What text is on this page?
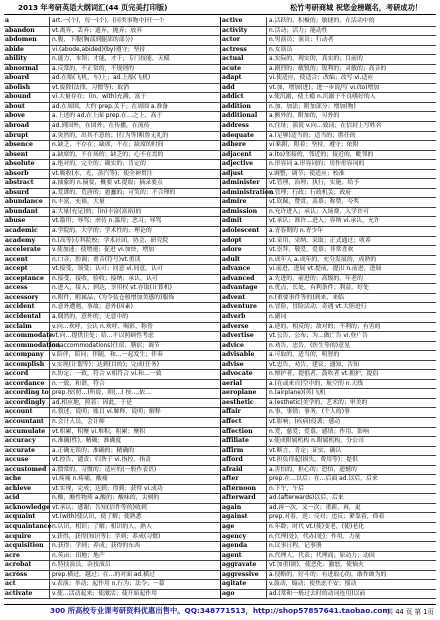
2013 年考研英语大纲词汇(44 页完美打印版)	松竹考研商城 祝您金榜题名，考研成功！
a	art.一(个)，每一(个)，(同类事物中)任一个
abandon	vt.离弃，丢弃；遗弃，抛弃；放弃
abdomen	n.腹，下腹(胸部到腿部的部分)
abide	vi.(abode,abided)(by)遵守；坚持
ability	n.能力，本领；才能，才干；专门技能，天赋
abnormal	a.反常的，不正常的，不规则的
aboard	ad.在船(飞机，车)上；ad.上船(飞机)
abolish	vt.废除(法律、习惯等)；取消
abound	vi.大量存在；(in，with)充满，富于
about	ad.在周围，大约 prep.关于；在周围 a.准备
above	a.上述的 ad.在上面 prep.在…之上，高于
abroad	ad.到国外，在国外；在传播，在流传
abrupt	a.突然的，出其不意的；(行为等)粗鲁无礼的
absence	n.缺乏，不存在；缺席，不在；缺席的时间
absent	a.缺席的，不在场的；缺乏的；心不在焉的
absolute	a.绝对的，完全的；确实的；肯定的
absorb	vt.吸收(水，光，蒸汽等)；使全神贯注
abstract	a.抽象的 n.摘要，概要 vt.提取；摘录要点
absurd	a.荒谬的，荒唐的；愚蠢的；可笑的；不合理的
abundance	n.丰富，充裕，大量
abundant	a.大量(充足)的；(in)丰富(富裕)的
abuse	vt.滥用；辱骂；虐待 n.滥用；恶习；辱骂
academic	a.学院的，大学的；学术性的；理论的
academy	n.(高等)专科院校；学术社团，协会，研究院
accelerate	v.使加速；使增速；促进 vi.加快，增加
accent	n.口音，腔调；重音(符号)vt.重读
accept	vt.接受，领受；认可；同意 vi.同意，认可
acceptance	n.接受，接收，验收；接纳；承认，认可
access	n.进入，接入；到达，享用权 vt.存取(计算机)
accessory	n.附件，附属品；(为令装仓般增加美感的)服饰
accident	n.意外遭遇，事故；意外(因素)
accidental	a.偶然的，意外的；无意中的
acclaim	v.向…欢呼，公认 n.欢呼，喝彩，称誉
accommodate
vt.向…提供住处；给…不以照顾性考虑
accommodation
n.(accommodations)住宿；膳宿；调节
accompany	v.陪伴，陪同；伴随，和…一起发生；伴奏
accomplish	v.实现(计划等)；达到(目的)；完成(任务)
accord	n.协定；一致，符合 v.相符合 vi.和…一致
accordance	n.一致，和谐，符合
according to prep.按(照…)所说，照(…) 按…,依…
accordingly	ad.相应地，照着；因此，于是
account	n.叙述，说明；账目 vi.解释，说明；解释
accountant	n.会计人员，会计师
accumulate	vt.积累，积聚 vi.堆积，积累；聚积
accuracy	n.准确(性)，精确；准确度
accurate	a.正确无误的；准确的；精确的
accuse	vt.控告，谴责；归咎于 vi.指控，指责
accustomed a.惯常的，习惯的；适应的(一般作表语)
ache	vi.疼痛 n.疼痛，酸痛
achieve	vt.实现，完成；达到；得到；获得 vi.成功
acid	n.酸，酸性物质 a.酸的；酸味的，尖刻的
acknowledge vt.承认；感谢；告知(信件等的)收到
acquaint	vt.(with)使认识，使了解；使熟悉
acquaintance n.认识，相识；了解；相识的人，熟人
acquire	v.获得，获得(知识等)；学到；养成(习惯)
acquisition	n.获得；学到；养成；获得的东西
acre	n.英亩；田地；地产
acrobat	n.特技演员，杂技演员
across	prep.横过，越过；在…的对面 ad.横过
act	v.表演；举动；起作用 n.行为；法令；一幕
activate	v.使…活动起来；使激活；使开始起作用
active	a.活跃的，积极的；敏捷的，在活动中的
activity	n.活动；活力；能动性
actor	n.男演员；演员；行动者
actress	n.女演员
actual	a.实际的，现实的，真实的；目前的
acute	a.剧烈的；敏锐的；锐利的；灵敏的；高音的
adapt	vi.使适应，使适合；改编；改写 vi.适应
add	vt.加，增加(进)；进一步说/写 vi.(to)增加
addict	v.使沉溺，使上瘾 n.沉溺于不良嗜好的人
addition	n.加，加法；附加部分；增加(物)
additional	a.额外的，附加的，另外的
address	n.住址；演说 v.向…致词；在信封上写姓名
adequate	a.(足够)适当的；适当的；胜任的
adhere	vi.粘附，附着；坚持，遵守；依附
adjacent	a.(to)邻接的，邻近的；接近的，毗邻的
adjective	n.形容词 a.形容词的；用作形容词的
adjust	v.调整，调节；使适应；校准
administer	vt.管理，治理；执行，实施；给予
administration
n.管理；行政；行政机关；政府
admire	vt.钦佩，赞赏，羡慕；称赞，夸奖
admission	n.允许进入；承认；入场费，入学许可
admit	vt.承认；准许…进入；容纳 vi.承认，允许
adolescent	a.青春期的 n.青少年
adopt	vt.采用，采纳，采取；正式通过；收养
adore	vt.崇拜，敬爱，爱慕；非常喜欢
adult	n.成年人 a.成年的，充分发展的，成熟的
advance	vi.前进，进展 vt.提前，提出 n.前进，进展
advanced	a.先进的，前进的；高级的，年老的
advantage	n.优点，长处，有利条件；利益，好处
advent	n.(重要事件等的)到来，来临
adventure	n.冒险，冒险活动，奇遇 vt.大胆进行
adverb	n.副词
adverse	a.逆的，相反的；敌对的；不利的；有害的
advertise	vt.公告，公布；为…做广告 vi.登广告
advice	n.劝告，忠告，(医生等的)意见
advisable	a.可取的，适当的，明智的
advise	vt.忠告，劝告，建议；通知，告知
advocate	n.辩护者，提倡者，鼓吹者 vt.拥护，提倡
aerial	a.(在或来自)空中的，航空的 n.天线
aeroplane	n.(airplane)(英)飞机
aesthetic	a.(esthetic)美学的，艺术的；审美的
affair	n.事，事情；事务，(个人的)事
affect	vt.影响；(疾病)侵袭；感动
affection	n.爱，慈爱；爱慕，感情；作用，影响
affiliate	v.使成附属机构 n.附属机构，分公司
affirm	vt.断言，肯定；证实，确认
afford	vt.担负得起(损失、费用等)；提供
afraid	a.害怕的，担心的；恐怕，遗憾的
after	prep.在…以后；在…后面 ad.以后，后来
afternoon	n.下午，午后
afterward	ad.(afterwards)以后，后来
again	ad.再一次，又一次；重新，再，更
against	prep.对着，逆；反对；违反；紧靠着，倚着
age	n.年龄；时代 vt.(使)变老，(使)老化
agency	n.代理(处)，代办(处)；作用，力量
agenda	n.议事日程，记事册
agent	n.代理人，代表；代理商；原动力；动因
aggravate	vt.加重(剧)，使恶化；激怒，使恼火
aggressive	a.侵略的，好斗的；有进取心的，敢作敢为的
agitate	v.鼓动，煽动；使焦虑不安；搅动
ago	ad.(常和一般过去时的动词连用)以前
300 所高校专业课考研资料优惠出售中。QQ:348771513，http://shop57857641.taobao.com
共 44 页 第 1页
